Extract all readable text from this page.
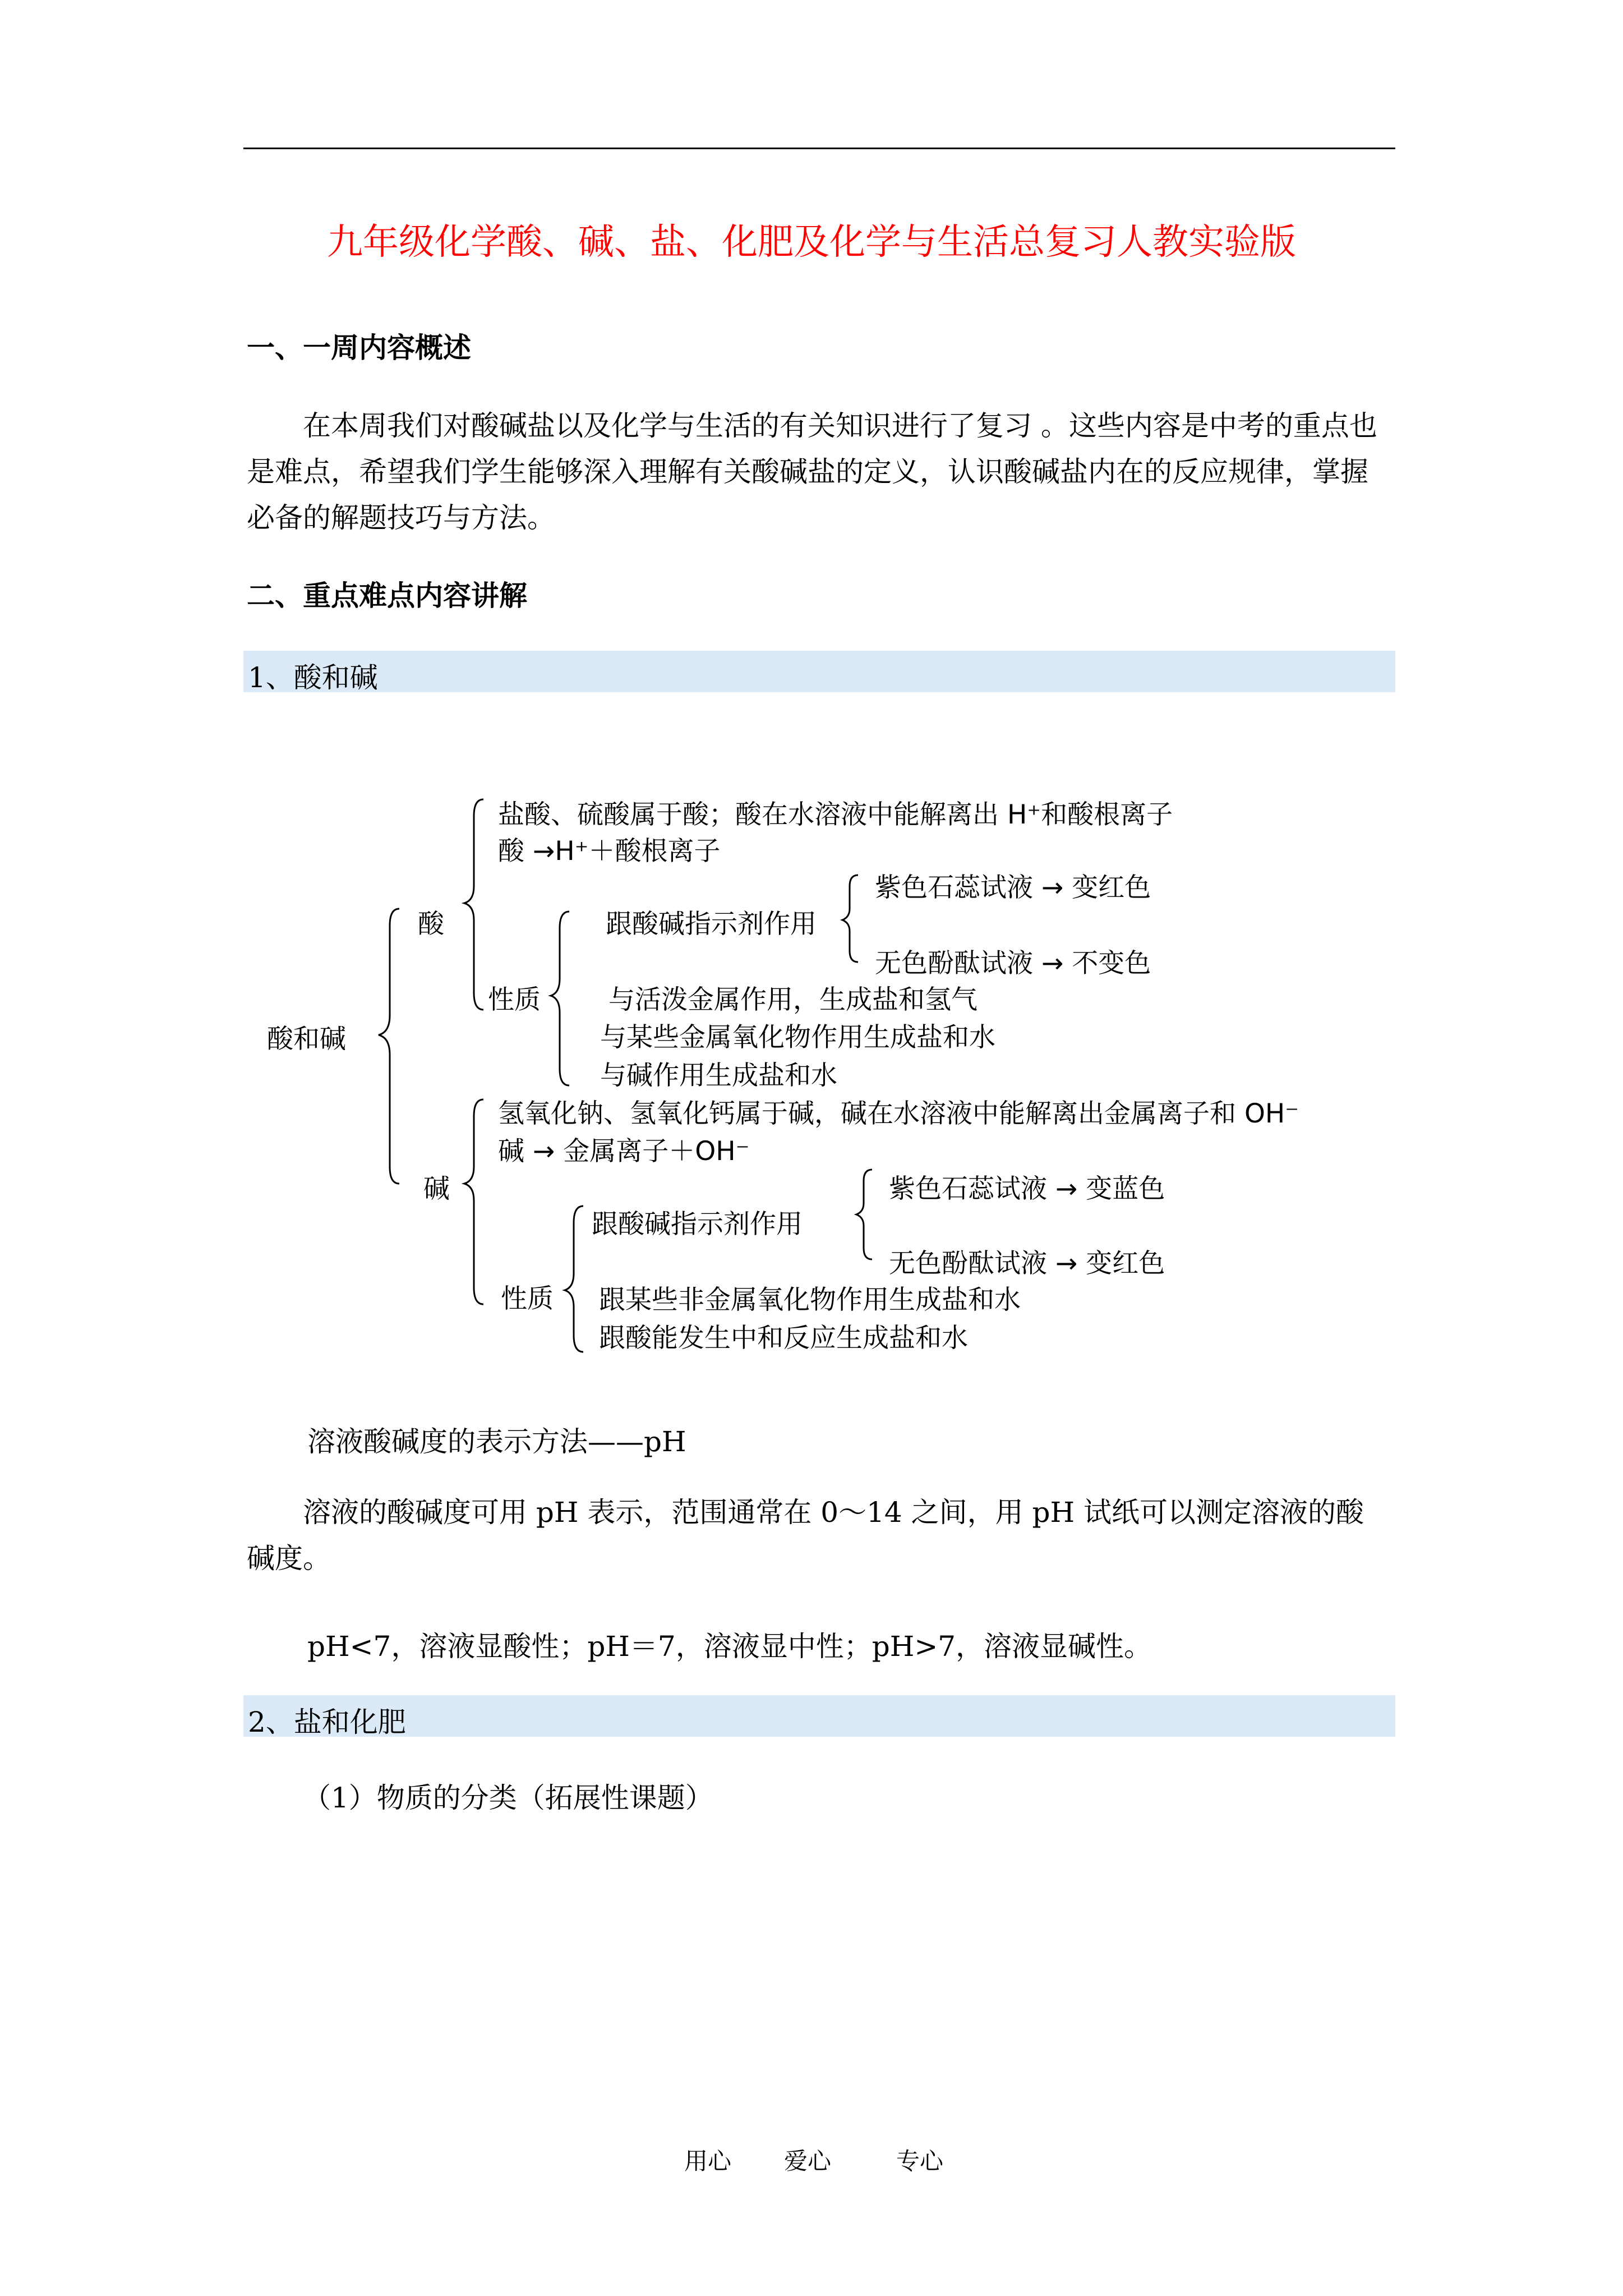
九年级化学酸、碱、盐、化肥及化学与生活总复习人教实验版
一、一周内容概述
在本周我们对酸碱盐以及化学与生活的有关知识进行了复习 。这些内容是中考的重点也是难点，希望我们学生能够深入理解有关酸碱盐的定义，认识酸碱盐内在的反应规律，掌握必备的解题技巧与方法。
二、重点难点内容讲解
1、酸和碱
酸和碱
酸
盐酸、硫酸属于酸；酸在水溶液中能解离出 H⁺和酸根离子
酸 →H⁺＋酸根离子
性质
跟酸碱指示剂作用
紫色石蕊试液 → 变红色
无色酚酞试液 → 不变色
与活泼金属作用，生成盐和氢气
与某些金属氧化物作用生成盐和水
与碱作用生成盐和水
碱
氢氧化钠、氢氧化钙属于碱，碱在水溶液中能解离出金属离子和 OH⁻
碱 → 金属离子＋OH⁻
性质
跟酸碱指示剂作用
紫色石蕊试液 → 变蓝色
无色酚酞试液 → 变红色
跟某些非金属氧化物作用生成盐和水
跟酸能发生中和反应生成盐和水
溶液酸碱度的表示方法——pH
溶液的酸碱度可用 pH 表示，范围通常在 0～14 之间，用 pH 试纸可以测定溶液的酸碱度。
pH<7，溶液显酸性；pH＝7，溶液显中性；pH>7，溶液显碱性。
2、盐和化肥
（1）物质的分类（拓展性课题）
用心 爱心	专心
